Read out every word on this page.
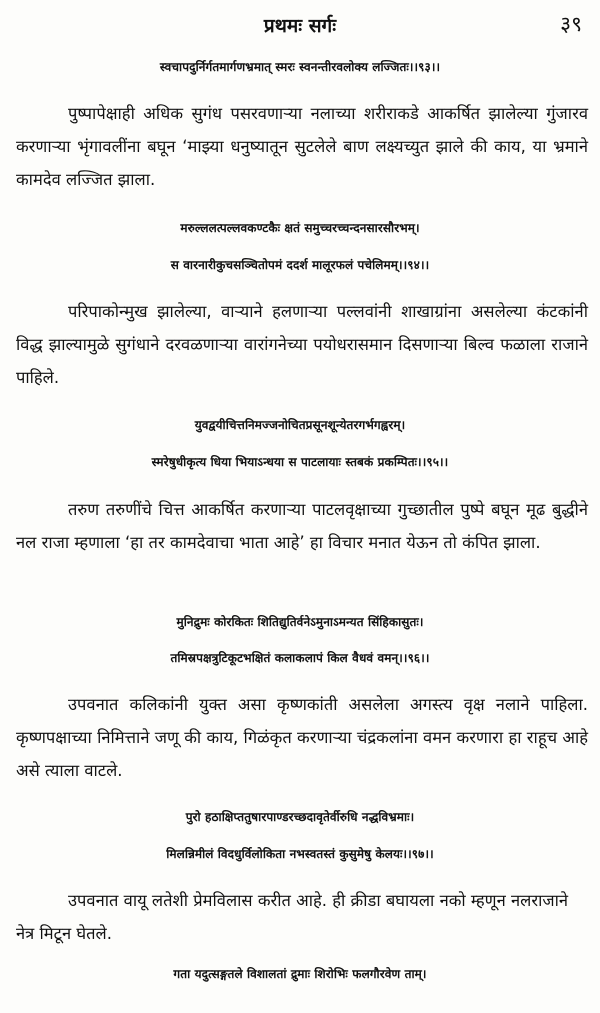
प्रथमः सर्गः	३९
स्वचापदुर्निर्गतमार्गणभ्रमात् स्मरः स्वनन्तीरवलोक्य लज्जितः।।९३।।
पुष्पापेक्षाही अधिक सुगंध पसरवणाऱ्या नलाच्या शरीराकडे आकर्षित झालेल्या गुंजारव करणाऱ्या भृंगावलींना बघून ‘माझ्या धनुष्यातून सुटलेले बाण लक्ष्यच्युत झाले की काय, या भ्रमाने कामदेव लज्जित झाला.
मरुल्ललत्पल्लवकण्टकैः क्षतं समुच्चरच्चन्दनसारसौरभम्।
स वारनारीकुचसञ्चितोपमं ददर्श मालूरफलं पचेलिमम्।।९४।।
परिपाकोन्मुख झालेल्या, वाऱ्याने हलणाऱ्या पल्लवांनी शाखाग्रांना असलेल्या कंटकांनी विद्ध झाल्यामुळे सुगंधाने दरवळणाऱ्या वारांगनेच्या पयोधरासमान दिसणाऱ्या बिल्व फळाला राजाने पाहिले.
युवद्वयीचित्तनिमज्जनोचितप्रसूनशून्येतरगर्भगह्वरम्।
स्मरेषुधीकृत्य धिया भियाऽन्धया स पाटलायाः स्तबकं प्रकम्पितः।।९५।।
तरुण तरुणींचे चित्त आकर्षित करणाऱ्या पाटलवृक्षाच्या गुच्छातील पुष्पे बघून मूढ बुद्धीने नल राजा म्हणाला ‘हा तर कामदेवाचा भाता आहे’ हा विचार मनात येऊन तो कंपित झाला.
मुनिद्रुमः कोरकितः शितिद्युतिर्वनेऽमुनाऽमन्यत सिंहिकासुतः।
तमिस्रपक्षत्रुटिकूटभक्षितं कलाकलापं किल वैधवं वमन्।।९६।।
उपवनात कलिकांनी युक्त असा कृष्णकांती असलेला अगस्त्य वृक्ष नलाने पाहिला. कृष्णपक्षाच्या निमित्ताने जणू की काय, गिळंकृत करणाऱ्या चंद्रकलांना वमन करणारा हा राहूच आहे असे त्याला वाटले.
पुरो हठाक्षिप्ततुषारपाण्डरच्छदावृतेर्वीरुधि नद्धविभ्रमाः।
मिलन्निमीलं विदधुर्विलोकिता नभस्वतस्तं कुसुमेषु केलयः।।९७।।
उपवनात वायू लतेशी प्रेमविलास करीत आहे. ही क्रीडा बघायला नको म्हणून नलराजाने नेत्र मिटून घेतले.
गता यदुत्सङ्गतले विशालतां द्रुमाः शिरोभिः फलगौरवेण ताम्।
